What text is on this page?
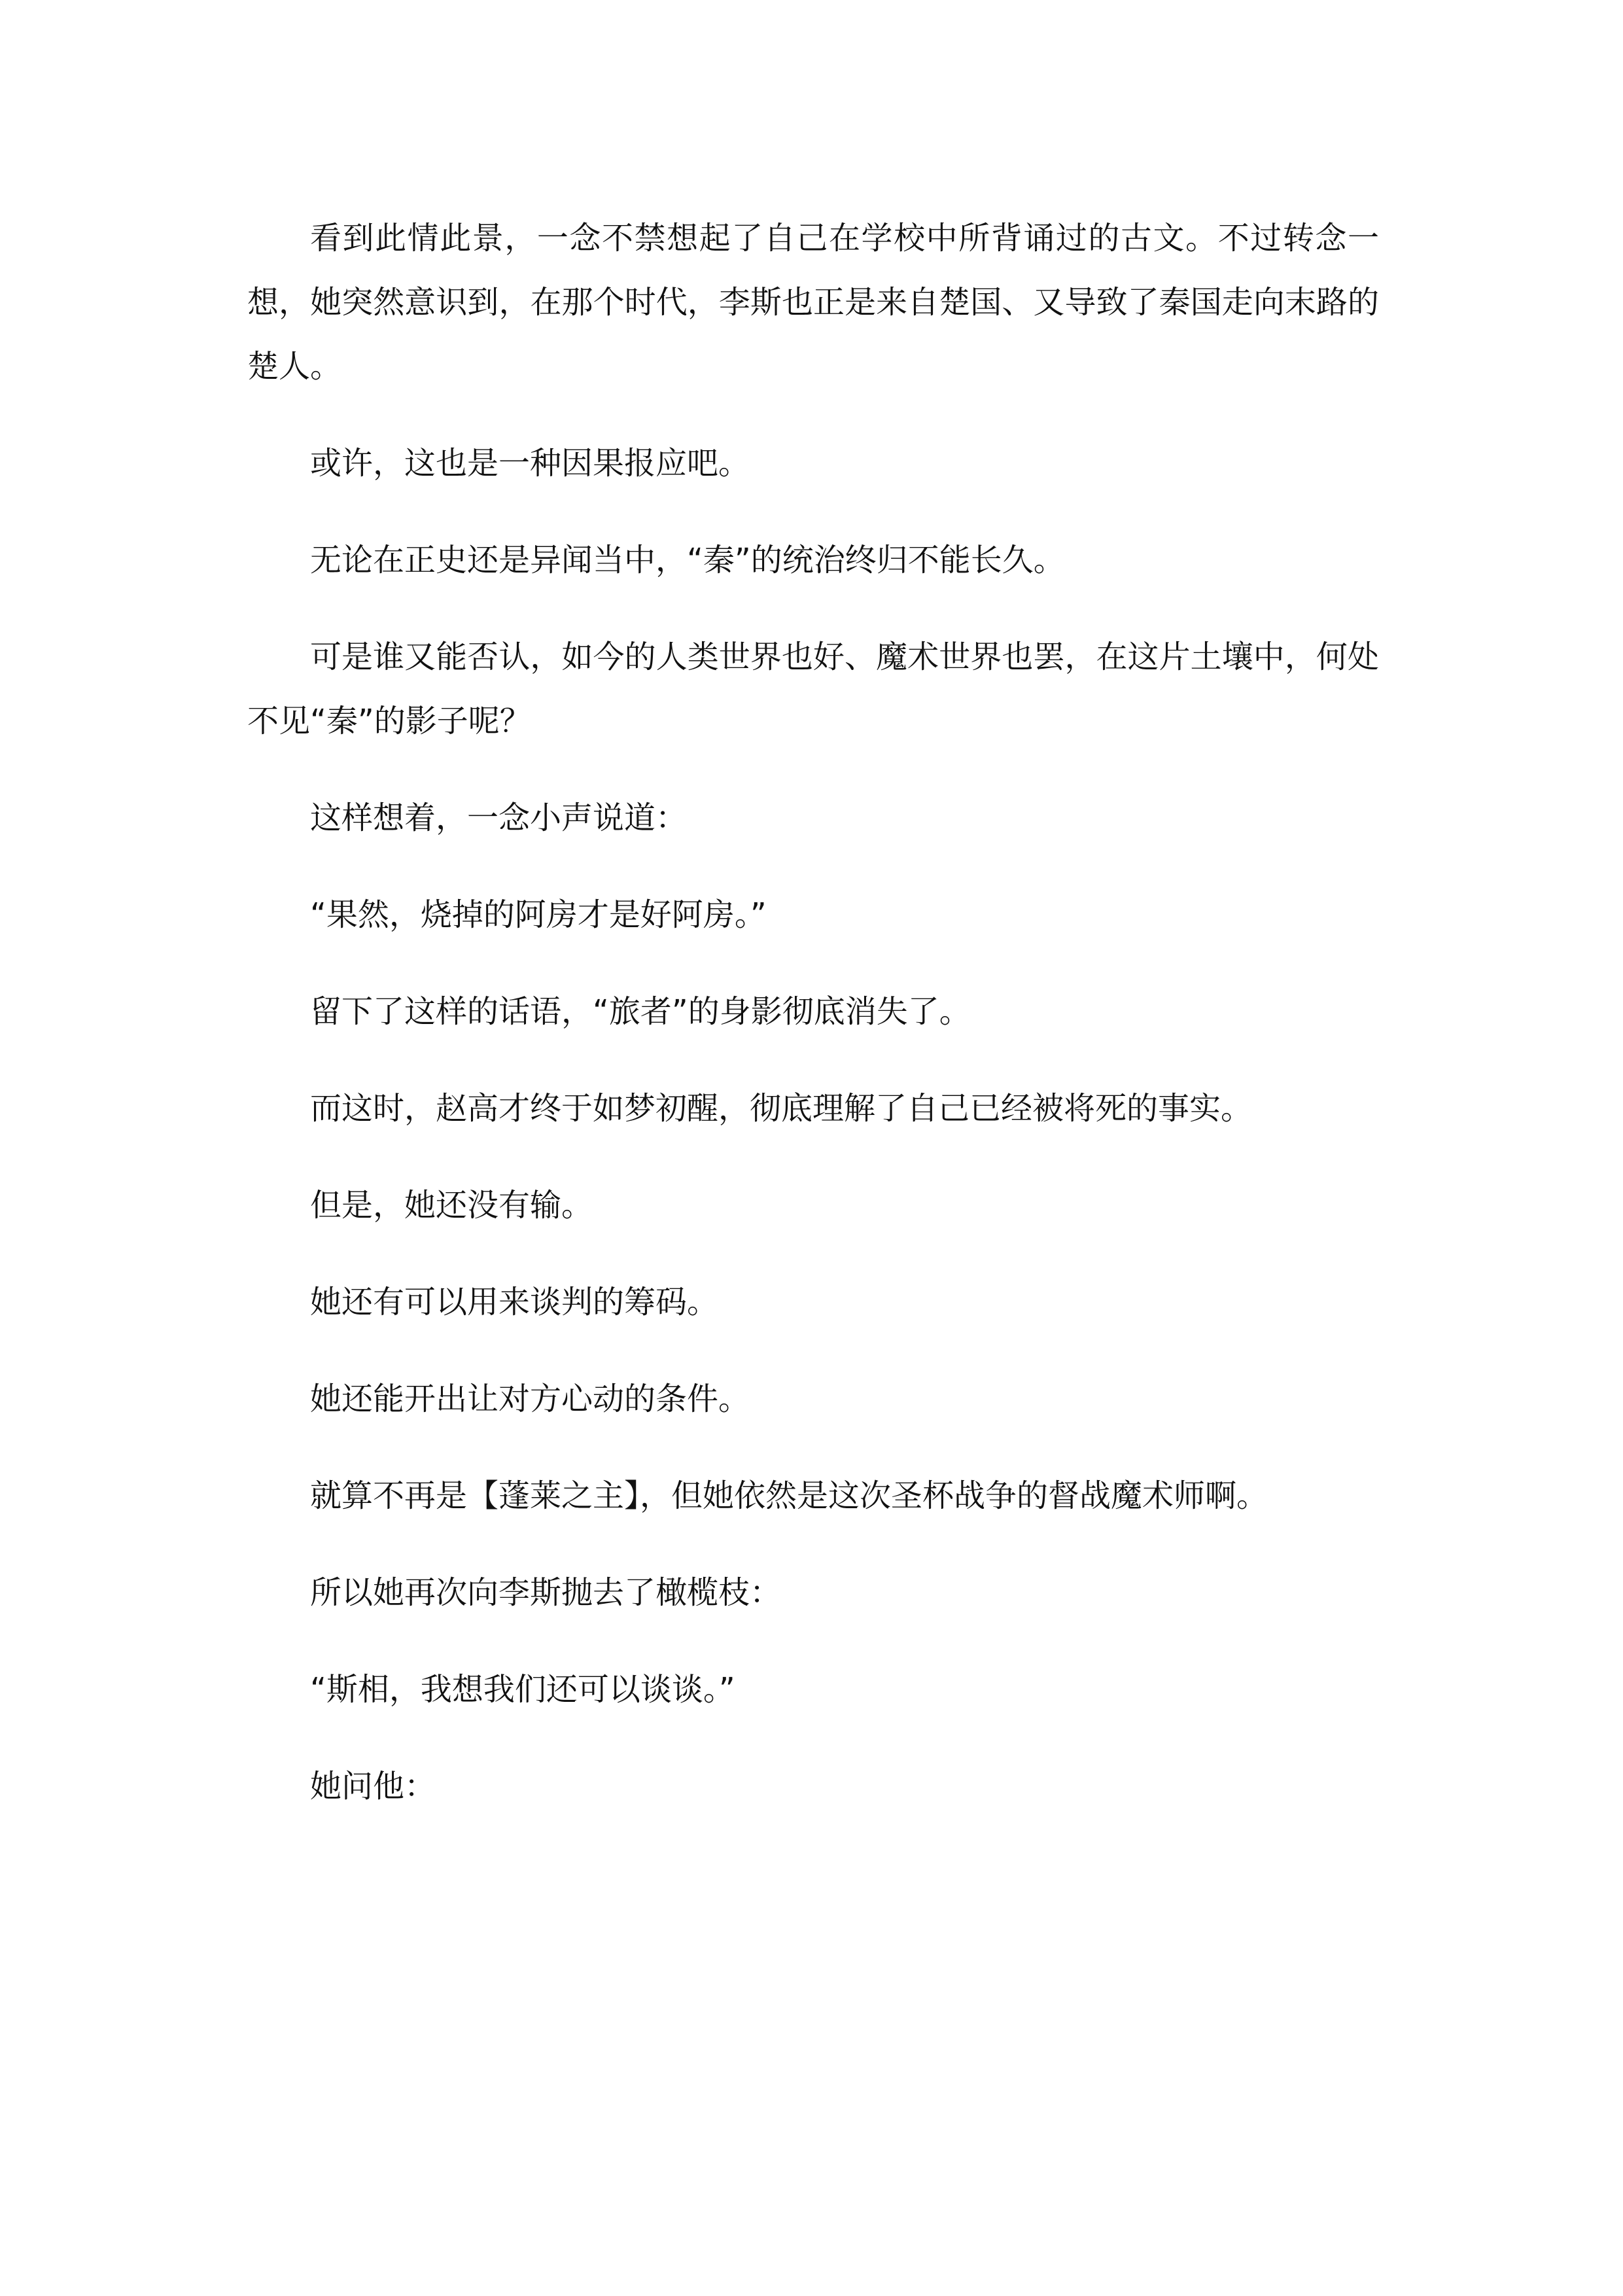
看到此情此景，一念不禁想起了自己在学校中所背诵过的古文。不过转念一想，她突然意识到，在那个时代，李斯也正是来自楚国、又导致了秦国走向末路的楚人。

或许，这也是一种因果报应吧。

无论在正史还是异闻当中，“秦”的统治终归不能长久。

可是谁又能否认，如今的人类世界也好、魔术世界也罢，在这片土壤中，何处不见“秦”的影子呢？

这样想着，一念小声说道：

“果然，烧掉的阿房才是好阿房。”

留下了这样的话语，“旅者”的身影彻底消失了。

而这时，赵高才终于如梦初醒，彻底理解了自己已经被将死的事实。

但是，她还没有输。

她还有可以用来谈判的筹码。

她还能开出让对方心动的条件。

就算不再是【蓬莱之主】，但她依然是这次圣杯战争的督战魔术师啊。

所以她再次向李斯抛去了橄榄枝：

“斯相，我想我们还可以谈谈。”

她问他：
